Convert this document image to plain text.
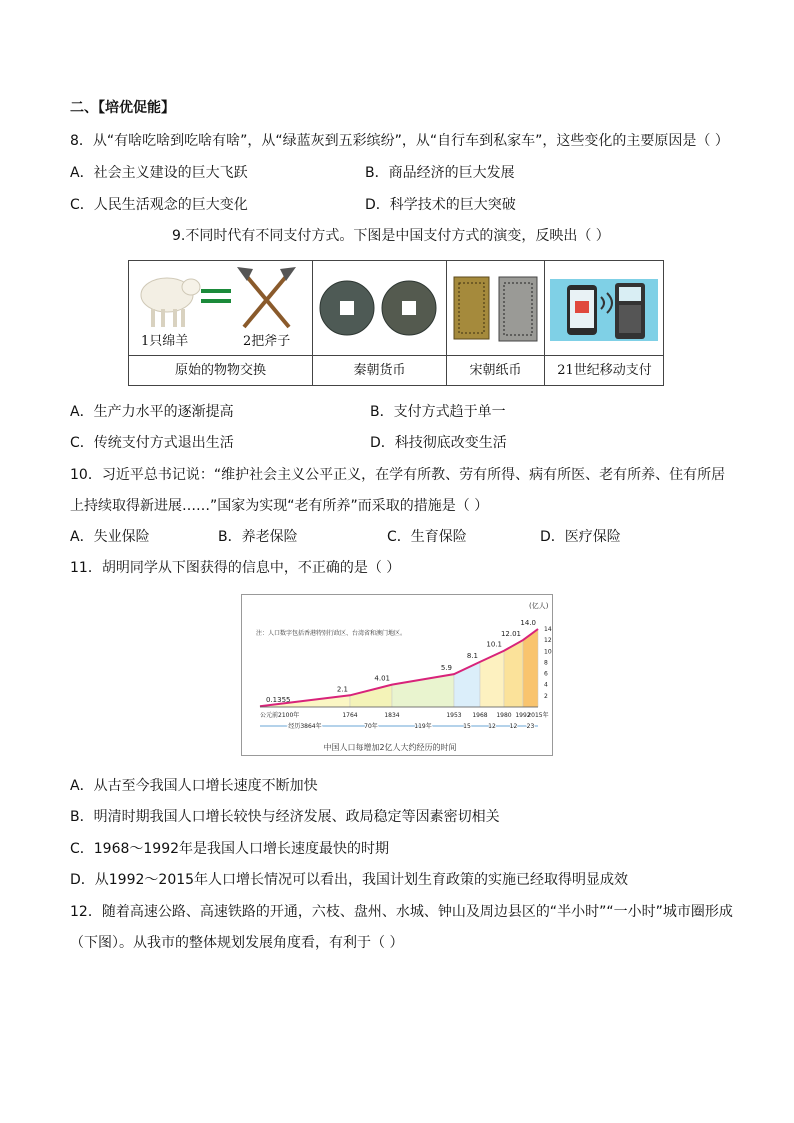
二、【培优促能】
8．从“有啥吃啥到吃啥有啥”，从“绿蓝灰到五彩缤纷”，从“自行车到私家车”，这些变化的主要原因是（ ）
A．社会主义建设的巨大飞跃	B．商品经济的巨大发展
C．人民生活观念的巨大变化	D．科学技术的巨大突破
9.不同时代有不同支付方式。下图是中国支付方式的演变，反映出（ ）
1只绵羊	2把斧子
原始的物物交换	秦朝货币	宋朝纸币	21世纪移动支付
A．生产力水平的逐渐提高	B．支付方式趋于单一
C．传统支付方式退出生活	D．科技彻底改变生活
10．习近平总书记说：“维护社会主义公平正义，在学有所教、劳有所得、病有所医、老有所养、住有所居
上持续取得新进展……”国家为实现“老有所养”而采取的措施是（ ）
A．失业保险	B．养老保险	C．生育保险	D．医疗保险
11．胡明同学从下图获得的信息中，不正确的是（ ）
注：人口数字包括香港特别行政区、台湾省和澳门地区。
(亿人)
0.1355
2.1
4.01
5.9
8.1
10.1
12.01
14.0
公元前2100年	1764	1834	1953 1968 1980 1992
2015年
2
4
6
8
10
12
14
经历3864年	70年	119年	15	12 12 23
中国人口每增加2亿人大约经历的时间
A．从古至今我国人口增长速度不断加快
B．明清时期我国人口增长较快与经济发展、政局稳定等因素密切相关
C．1968～1992年是我国人口增长速度最快的时期
D．从1992～2015年人口增长情况可以看出，我国计划生育政策的实施已经取得明显成效
12．随着高速公路、高速铁路的开通，六枝、盘州、水城、钟山及周边县区的“半小时”“一小时”城市圈形成
（下图）。从我市的整体规划发展角度看，有利于（ ）
